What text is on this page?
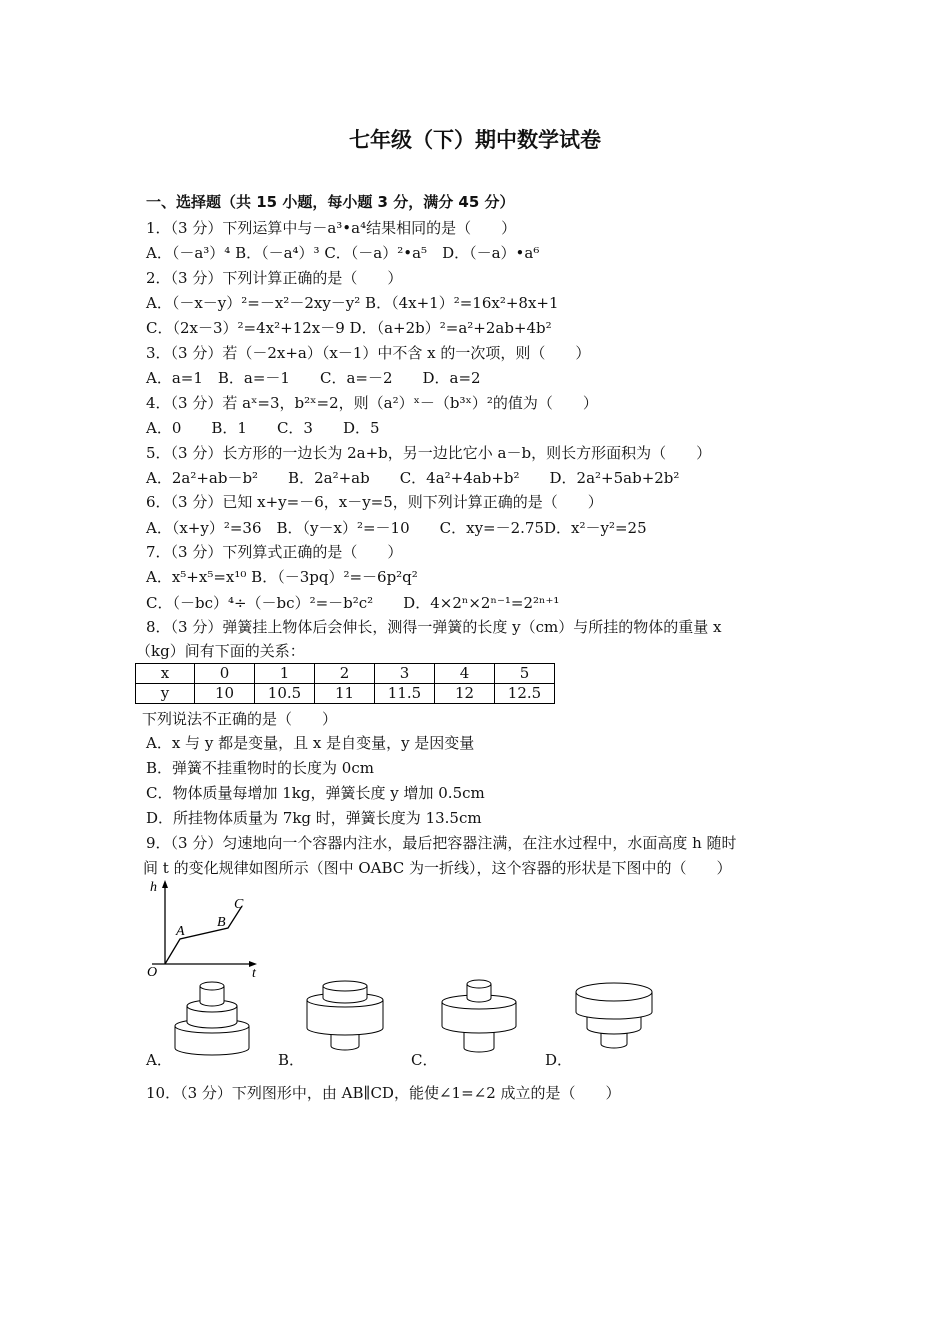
七年级（下）期中数学试卷
一、选择题（共 15 小题，每小题 3 分，满分 45 分）
1．（3 分）下列运算中与－a³•a⁴结果相同的是（　　）
A．（－a³）⁴ B．（－a⁴）³ C．（－a）²•a⁵　D．（－a）•a⁶
2．（3 分）下列计算正确的是（　　）
A．（－x－y）²=－x²－2xy－y² B．（4x+1）²=16x²+8x+1
C．（2x－3）²=4x²+12x－9 D．（a+2b）²=a²+2ab+4b²
3．（3 分）若（－2x+a）（x－1）中不含 x 的一次项，则（　　）
A．a=1　B．a=－1　　C．a=－2　　D．a=2
4．（3 分）若 aˣ=3，b²ˣ=2，则（a²）ˣ－（b³ˣ）²的值为（　　）
A．0　　B．1　　C．3　　D．5
5．（3 分）长方形的一边长为 2a+b，另一边比它小 a－b，则长方形面积为（　　）
A．2a²+ab－b²　　B．2a²+ab　　C．4a²+4ab+b²　　D．2a²+5ab+2b²
6．（3 分）已知 x+y=－6，x－y=5，则下列计算正确的是（　　）
A．（x+y）²=36　B．（y－x）²=－10　　C．xy=－2.75D．x²－y²=25
7．（3 分）下列算式正确的是（　　）
A．x⁵+x⁵=x¹⁰ B．（－3pq）²=－6p²q²
C．（－bc）⁴÷（－bc）²=－b²c²　　D．4×2ⁿ×2ⁿ⁻¹=2²ⁿ⁺¹
8．（3 分）弹簧挂上物体后会伸长，测得一弹簧的长度 y（cm）与所挂的物体的重量 x
（kg）间有下面的关系：
x	0	1	2	3	4	5
y	10	10.5	11	11.5	12	12.5
下列说法不正确的是（　　）
A．x 与 y 都是变量，且 x 是自变量，y 是因变量
B．弹簧不挂重物时的长度为 0cm
C．物体质量每增加 1kg，弹簧长度 y 增加 0.5cm
D．所挂物体质量为 7kg 时，弹簧长度为 13.5cm
9．（3 分）匀速地向一个容器内注水，最后把容器注满，在注水过程中，水面高度 h 随时
间 t 的变化规律如图所示（图中 OABC 为一折线），这个容器的形状是下图中的（　　）
h
t
O
A
B
C
A．	B．	C．	D．
10．（3 分）下列图形中，由 AB∥CD，能使∠1=∠2 成立的是（　　）
